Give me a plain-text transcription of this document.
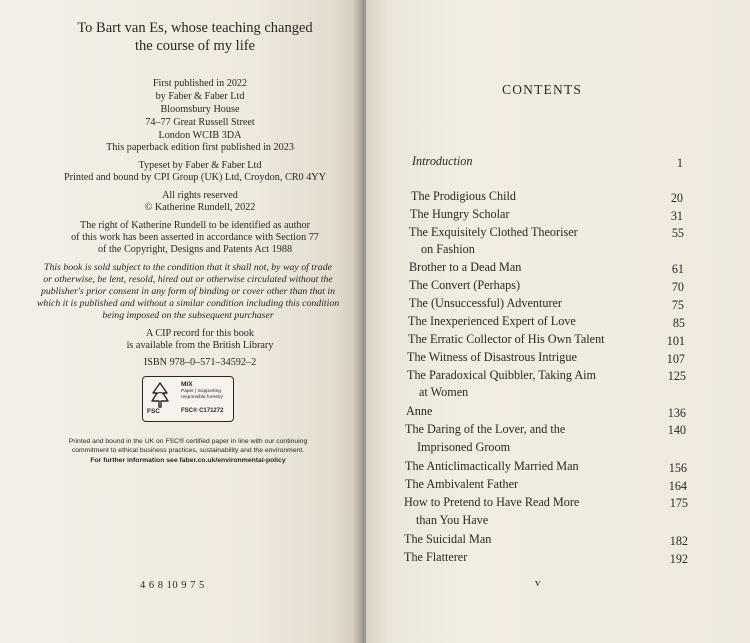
To Bart van Es, whose teaching changed
the course of my life
First published in 2022
by Faber & Faber Ltd
Bloomsbury House
74–77 Great Russell Street
London WCIB 3DA
This paperback edition first published in 2023
Typeset by Faber & Faber Ltd
Printed and bound by CPI Group (UK) Ltd, Croydon, CR0 4YY
All rights reserved
© Katherine Rundell, 2022
The right of Katherine Rundell to be identified as author
of this work has been asserted in accordance with Section 77
of the Copyright, Designs and Patents Act 1988
This book is sold subject to the condition that it shall not, by way of trade
or otherwise, be lent, resold, hired out or otherwise circulated without the
publisher's prior consent in any form of binding or cover other than that in
which it is published and without a similar condition including this condition
being imposed on the subsequent purchaser
A CIP record for this book
is available from the British Library
ISBN 978–0–571–34592–2
FSC
MIX
Paper | Supporting
responsible forestry
FSC® C171272
Printed and bound in the UK on FSC® certified paper in line with our continuing
commitment to ethical business practices, sustainability and the environment.
For further information see faber.co.uk/environmental-policy
4 6 8 10 9 7 5
CONTENTS
Introduction	1
The Prodigious Child	20
The Hungry Scholar	31
The Exquisitely Clothed Theoriser
on Fashion
55
Brother to a Dead Man	61
The Convert (Perhaps)	70
The (Unsuccessful) Adventurer	75
The Inexperienced Expert of Love	85
The Erratic Collector of His Own Talent	101
The Witness of Disastrous Intrigue	107
The Paradoxical Quibbler, Taking Aim
at Women
125
Anne	136
The Daring of the Lover, and the
Imprisoned Groom
140
The Anticlimactically Married Man	156
The Ambivalent Father	164
How to Pretend to Have Read More
than You Have
175
The Suicidal Man	182
The Flatterer	192
v
